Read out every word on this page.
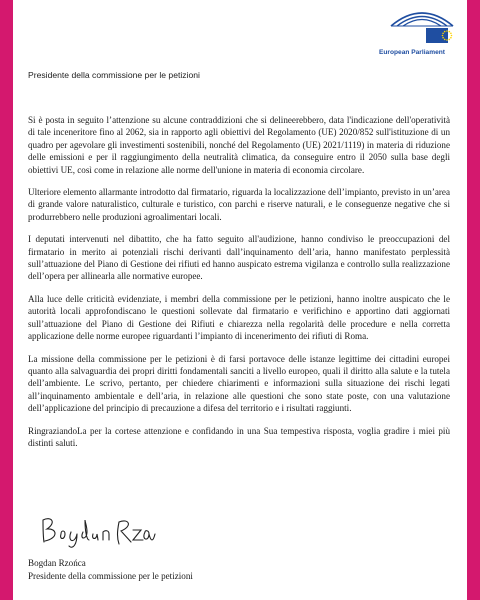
European Parliament
Presidente della commissione per le petizioni

Si è posta in seguito l’attenzione su alcune contraddizioni che si delineerebbero, data l'indicazione dell'operatività di tale inceneritore fino al 2062, sia in rapporto agli obiettivi del Regolamento (UE) 2020/852 sull'istituzione di un quadro per agevolare gli investimenti sostenibili, nonché del Regolamento (UE) 2021/1119) in materia di riduzione delle emissioni e per il raggiungimento della neutralità climatica, da conseguire entro il 2050 sulla base degli obiettivi UE, così come in relazione alle norme dell'unione in materia di economia circolare.

Ulteriore elemento allarmante introdotto dal firmatario, riguarda la localizzazione dell’impianto, previsto in un’area di grande valore naturalistico, culturale e turistico, con parchi e riserve naturali, e le conseguenze negative che si produrrebbero nelle produzioni agroalimentari locali.

I deputati intervenuti nel dibattito, che ha fatto seguito all'audizione, hanno condiviso le preoccupazioni del firmatario in merito ai potenziali rischi derivanti dall’inquinamento dell’aria, hanno manifestato perplessità sull’attuazione del Piano di Gestione dei rifiuti ed hanno auspicato estrema vigilanza e controllo sulla realizzazione dell’opera per allinearla alle normative europee.

Alla luce delle criticità evidenziate, i membri della commissione per le petizioni, hanno inoltre auspicato che le autorità locali approfondiscano le questioni sollevate dal firmatario e verifichino e apportino dati aggiornati sull’attuazione del Piano di Gestione dei Rifiuti e chiarezza nella regolarità delle procedure e nella corretta applicazione delle norme europee riguardanti l’impianto di incenerimento dei rifiuti di Roma.

La missione della commissione per le petizioni è di farsi portavoce delle istanze legittime dei cittadini europei quanto alla salvaguardia dei propri diritti fondamentali sanciti a livello europeo, quali il diritto alla salute e la tutela dell’ambiente. Le scrivo, pertanto, per chiedere chiarimenti e informazioni sulla situazione dei rischi legati all’inquinamento ambientale e dell’aria, in relazione alle questioni che sono state poste, con una valutazione dell’applicazione del principio di precauzione a difesa del territorio e i risultati raggiunti.

RingraziandoLa per la cortese attenzione e confidando in una Sua tempestiva risposta, voglia gradire i miei più distinti saluti.

Bogdan Rzońca
Presidente della commissione per le petizioni
